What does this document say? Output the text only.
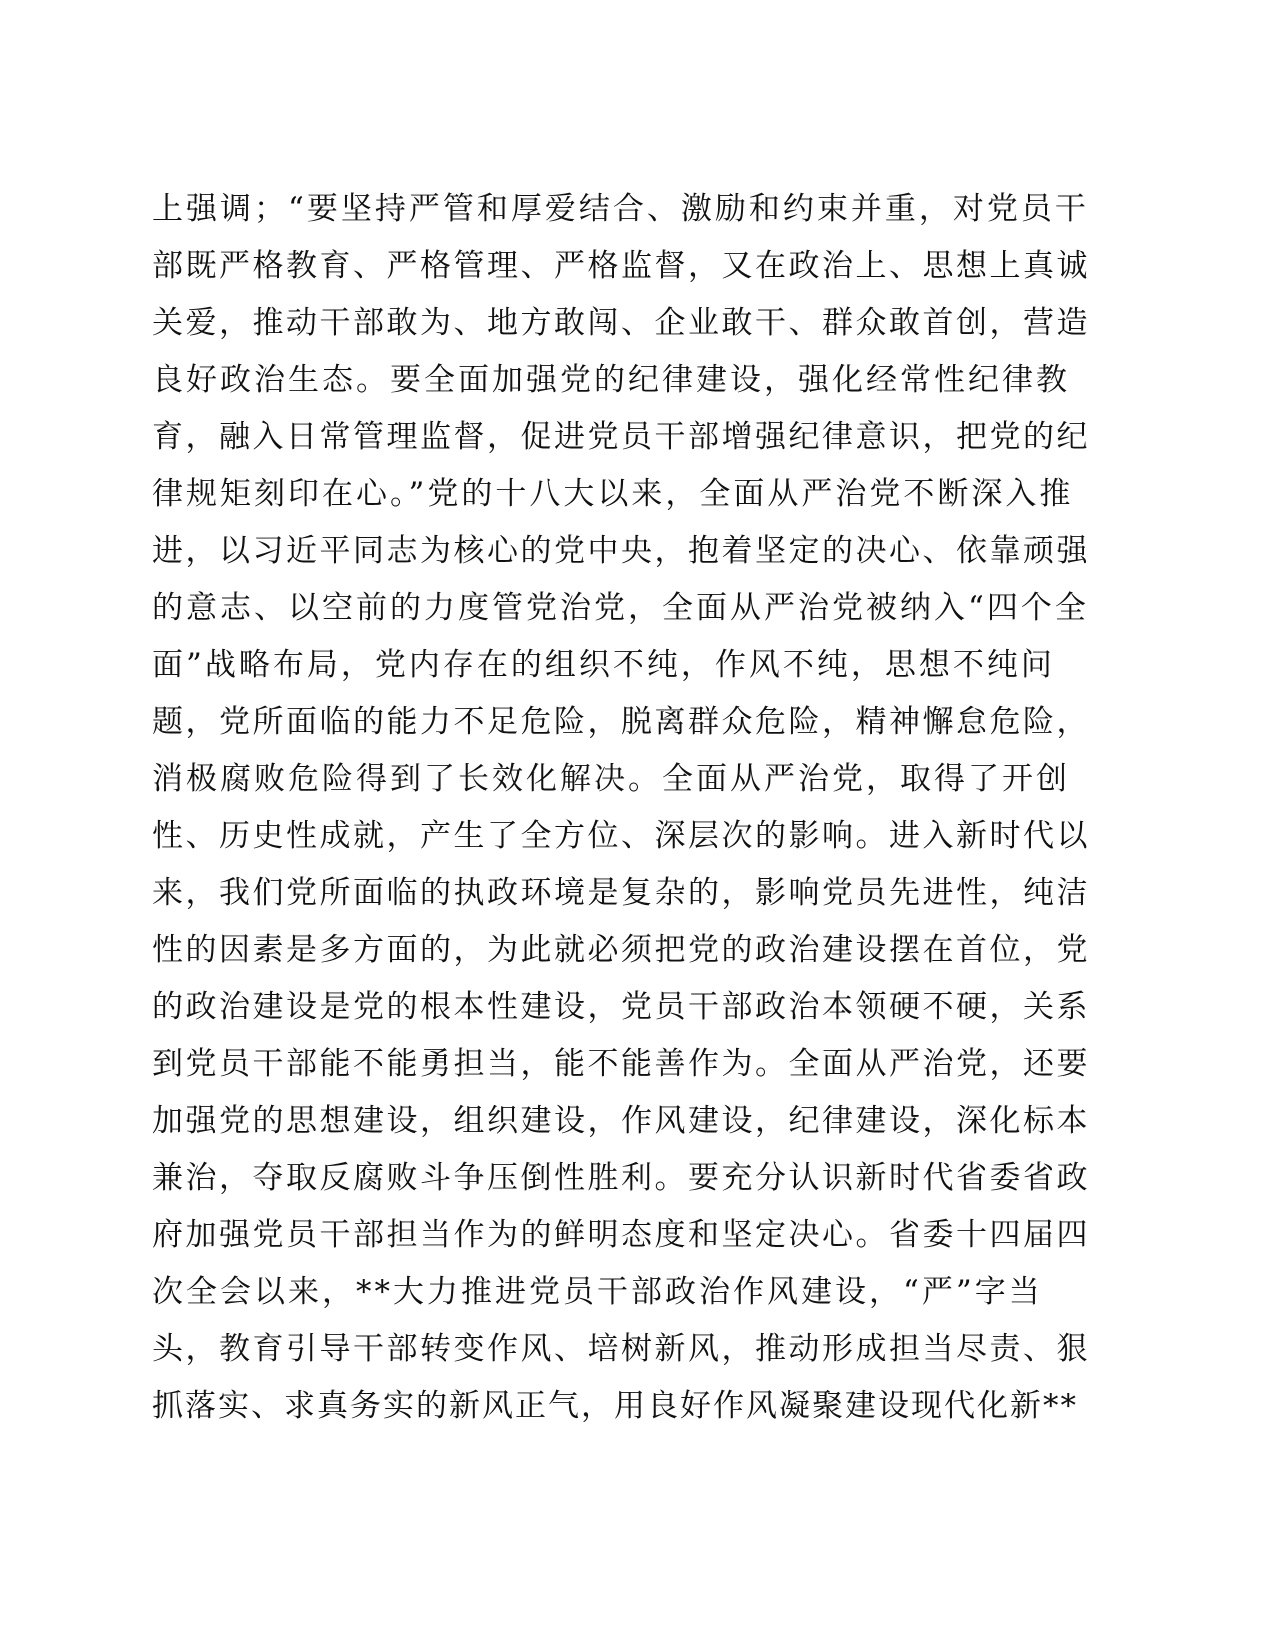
上强调；“要坚持严管和厚爱结合、激励和约束并重，对党员干
部既严格教育、严格管理、严格监督，又在政治上、思想上真诚
关爱，推动干部敢为、地方敢闯、企业敢干、群众敢首创，营造
良好政治生态。要全面加强党的纪律建设，强化经常性纪律教
育，融入日常管理监督，促进党员干部增强纪律意识，把党的纪
律规矩刻印在心。”党的十八大以来，全面从严治党不断深入推
进，以习近平同志为核心的党中央，抱着坚定的决心、依靠顽强
的意志、以空前的力度管党治党，全面从严治党被纳入“四个全
面”战略布局，党内存在的组织不纯，作风不纯，思想不纯问
题，党所面临的能力不足危险，脱离群众危险，精神懈怠危险，
消极腐败危险得到了长效化解决。全面从严治党，取得了开创
性、历史性成就，产生了全方位、深层次的影响。进入新时代以
来，我们党所面临的执政环境是复杂的，影响党员先进性，纯洁
性的因素是多方面的，为此就必须把党的政治建设摆在首位，党
的政治建设是党的根本性建设，党员干部政治本领硬不硬，关系
到党员干部能不能勇担当，能不能善作为。全面从严治党，还要
加强党的思想建设，组织建设，作风建设，纪律建设，深化标本
兼治，夺取反腐败斗争压倒性胜利。要充分认识新时代省委省政
府加强党员干部担当作为的鲜明态度和坚定决心。省委十四届四
次全会以来，**大力推进党员干部政治作风建设，“严”字当
头，教育引导干部转变作风、培树新风，推动形成担当尽责、狠
抓落实、求真务实的新风正气，用良好作风凝聚建设现代化新**
